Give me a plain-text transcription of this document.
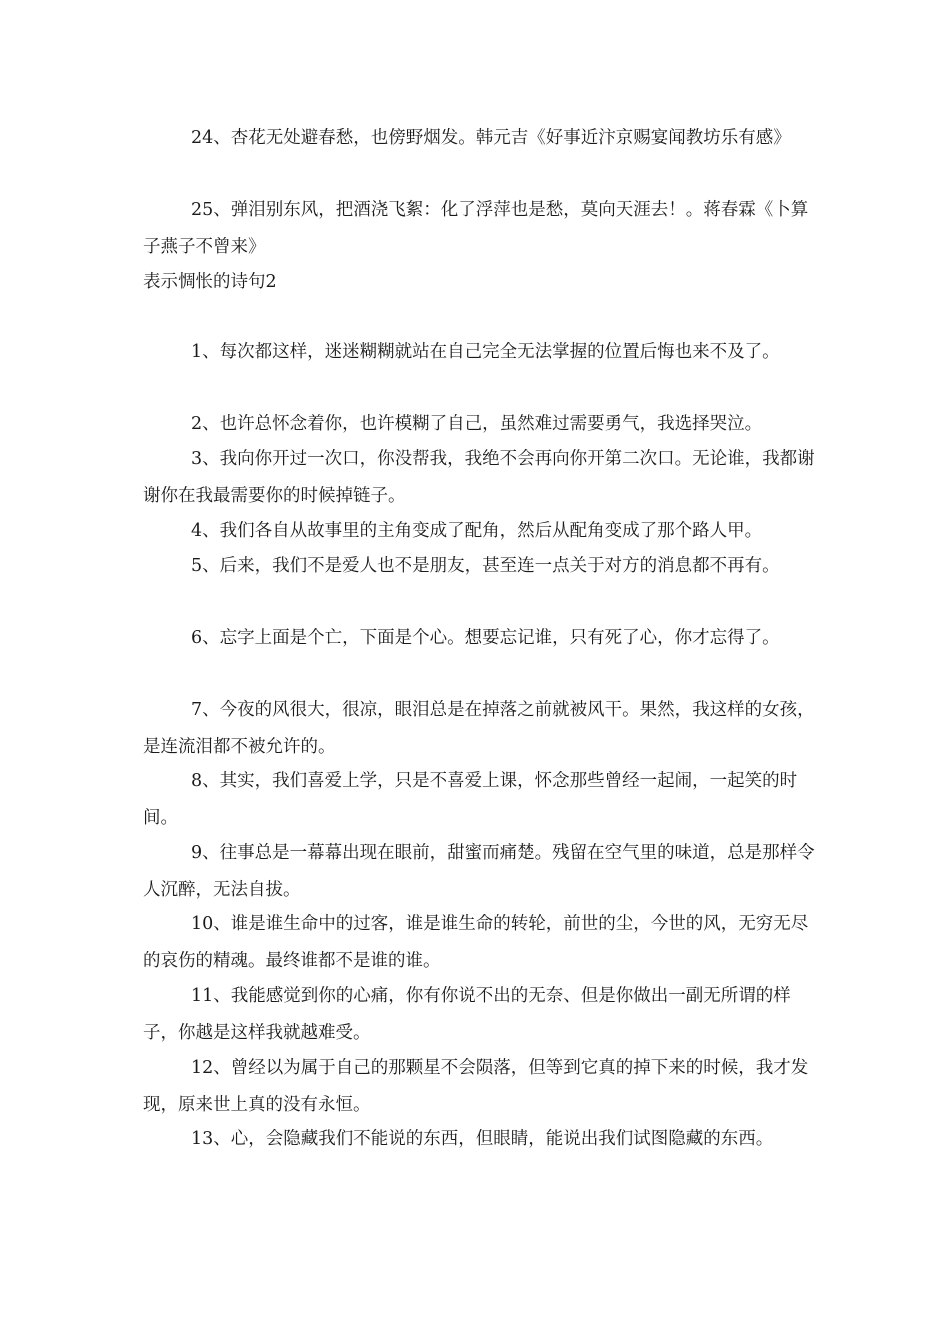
24、杏花无处避春愁，也傍野烟发。韩元吉《好事近汴京赐宴闻教坊乐有感》

25、弹泪别东风，把酒浇飞絮：化了浮萍也是愁，莫向天涯去！。蒋春霖《卜算子燕子不曾来》

表示惆怅的诗句2

1、每次都这样，迷迷糊糊就站在自己完全无法掌握的位置后悔也来不及了。

2、也许总怀念着你，也许模糊了自己，虽然难过需要勇气，我选择哭泣。

3、我向你开过一次口，你没帮我，我绝不会再向你开第二次口。无论谁，我都谢谢你在我最需要你的时候掉链子。

4、我们各自从故事里的主角变成了配角，然后从配角变成了那个路人甲。

5、后来，我们不是爱人也不是朋友，甚至连一点关于对方的消息都不再有。

6、忘字上面是个亡，下面是个心。想要忘记谁，只有死了心，你才忘得了。

7、今夜的风很大，很凉，眼泪总是在掉落之前就被风干。果然，我这样的女孩，是连流泪都不被允许的。

8、其实，我们喜爱上学，只是不喜爱上课，怀念那些曾经一起闹，一起笑的时间。

9、往事总是一幕幕出现在眼前，甜蜜而痛楚。残留在空气里的味道，总是那样令人沉醉，无法自拔。

10、谁是谁生命中的过客，谁是谁生命的转轮，前世的尘，今世的风，无穷无尽的哀伤的精魂。最终谁都不是谁的谁。

11、我能感觉到你的心痛，你有你说不出的无奈、但是你做出一副无所谓的样子，你越是这样我就越难受。

12、曾经以为属于自己的那颗星不会陨落，但等到它真的掉下来的时候，我才发现，原来世上真的没有永恒。

13、心，会隐藏我们不能说的东西，但眼睛，能说出我们试图隐藏的东西。
